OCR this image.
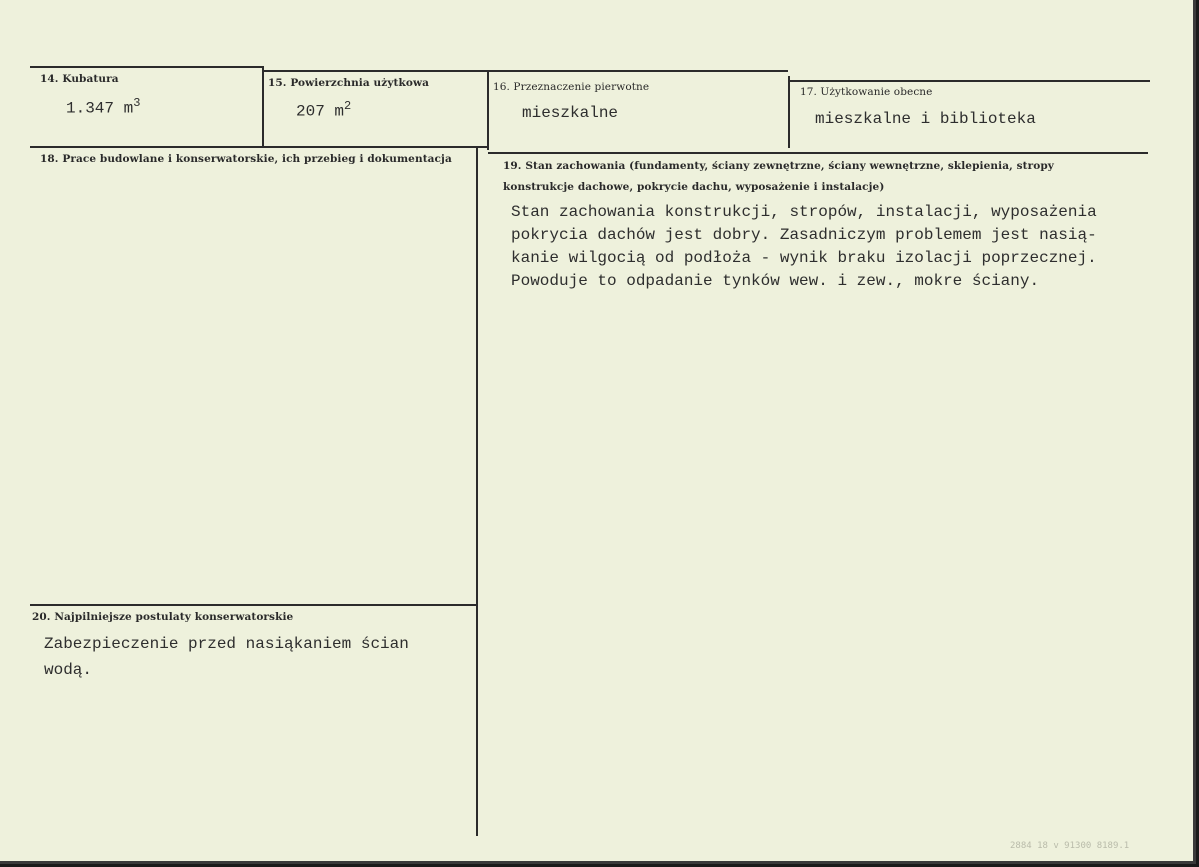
14. Kubatura
1.347 $m^3$
15. Powierzchnia użytkowa
207 $m^2$
16. Przeznaczenie pierwotne
mieszkalne
17. Użytkowanie obecne
mieszkalne i biblioteka
18. Prace budowlane i konserwatorskie, ich przebieg i dokumentacja
19. Stan zachowania (fundamenty, ściany zewnętrzne, ściany wewnętrzne, sklepienia, stropy
konstrukcje dachowe, pokrycie dachu, wyposażenie i instalacje)
Stan zachowania konstrukcji, stropów, instalacji, wyposażenia
pokrycia dachów jest dobry. Zasadniczym problemem jest nasią-
kanie wilgocią od podłoża - wynik braku izolacji poprzecznej.
Powoduje to odpadanie tynków wew. i zew., mokre ściany.
20. Najpilniejsze postulaty konserwatorskie
Zabezpieczenie przed nasiąkaniem ścian
wodą.
2884 18 v 91300 8189.1
